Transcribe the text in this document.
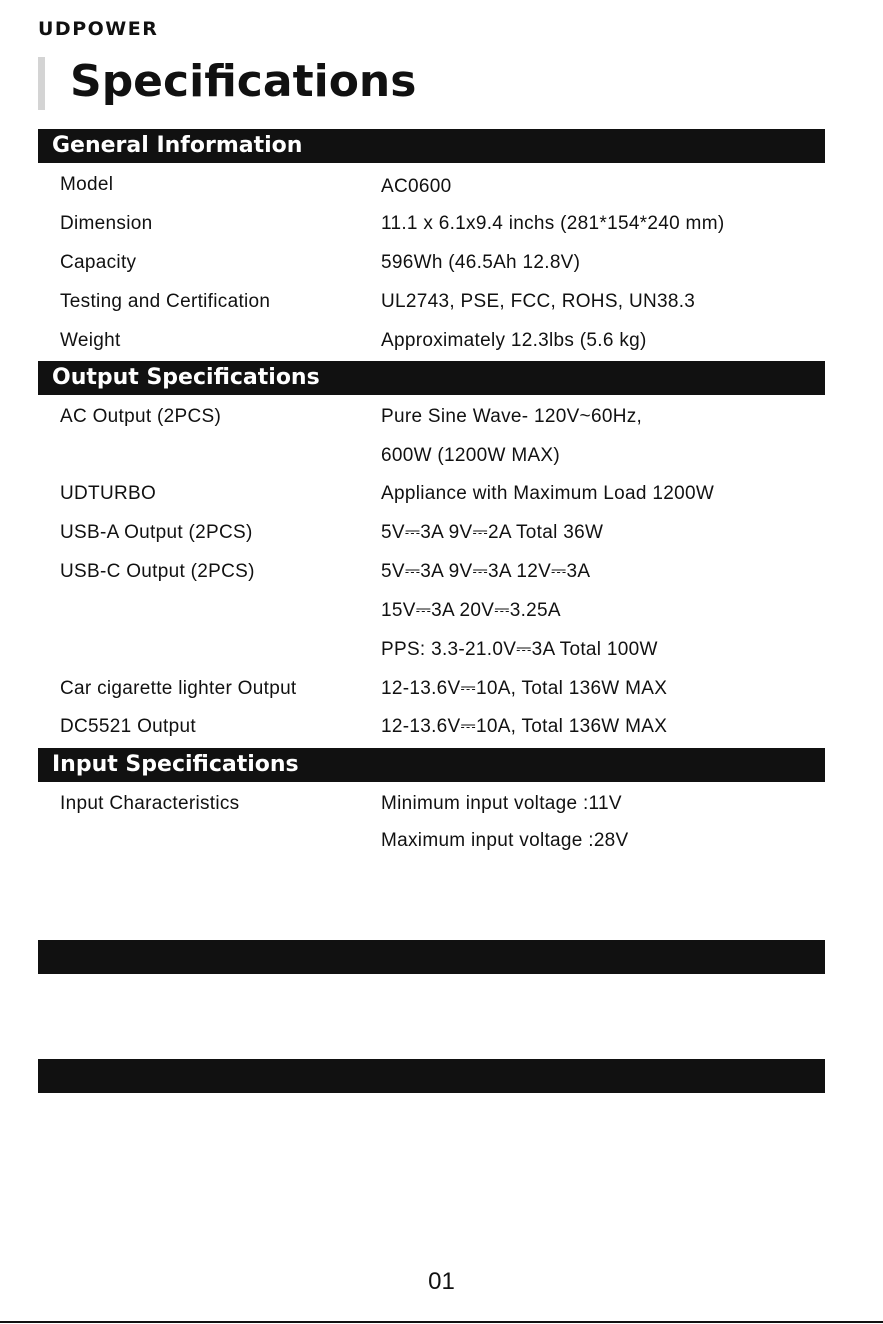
UDPOWER
Specifications
General Information
Model	AC0600
Dimension	11.1 x 6.1x9.4 inchs (281*154*240 mm)
Capacity	596Wh (46.5Ah 12.8V)
Testing and Certification	UL2743, PSE, FCC, ROHS, UN38.3
Weight	Approximately 12.3lbs (5.6 kg)
Output Specifications
AC Output (2PCS)	Pure Sine Wave- 120V~60Hz,
600W (1200W MAX)
UDTURBO	Appliance with Maximum Load 1200W
USB-A Output (2PCS)	5V⎓3A 9V⎓2A Total 36W
USB-C Output (2PCS)	5V⎓3A 9V⎓3A 12V⎓3A
15V⎓3A 20V⎓3.25A
PPS: 3.3-21.0V⎓3A Total 100W
Car cigarette lighter Output	12-13.6V⎓10A, Total 136W MAX
DC5521 Output	12-13.6V⎓10A, Total 136W MAX
Input Specifications
Input Characteristics	Minimum input voltage :11V
Maximum input voltage :28V
01
